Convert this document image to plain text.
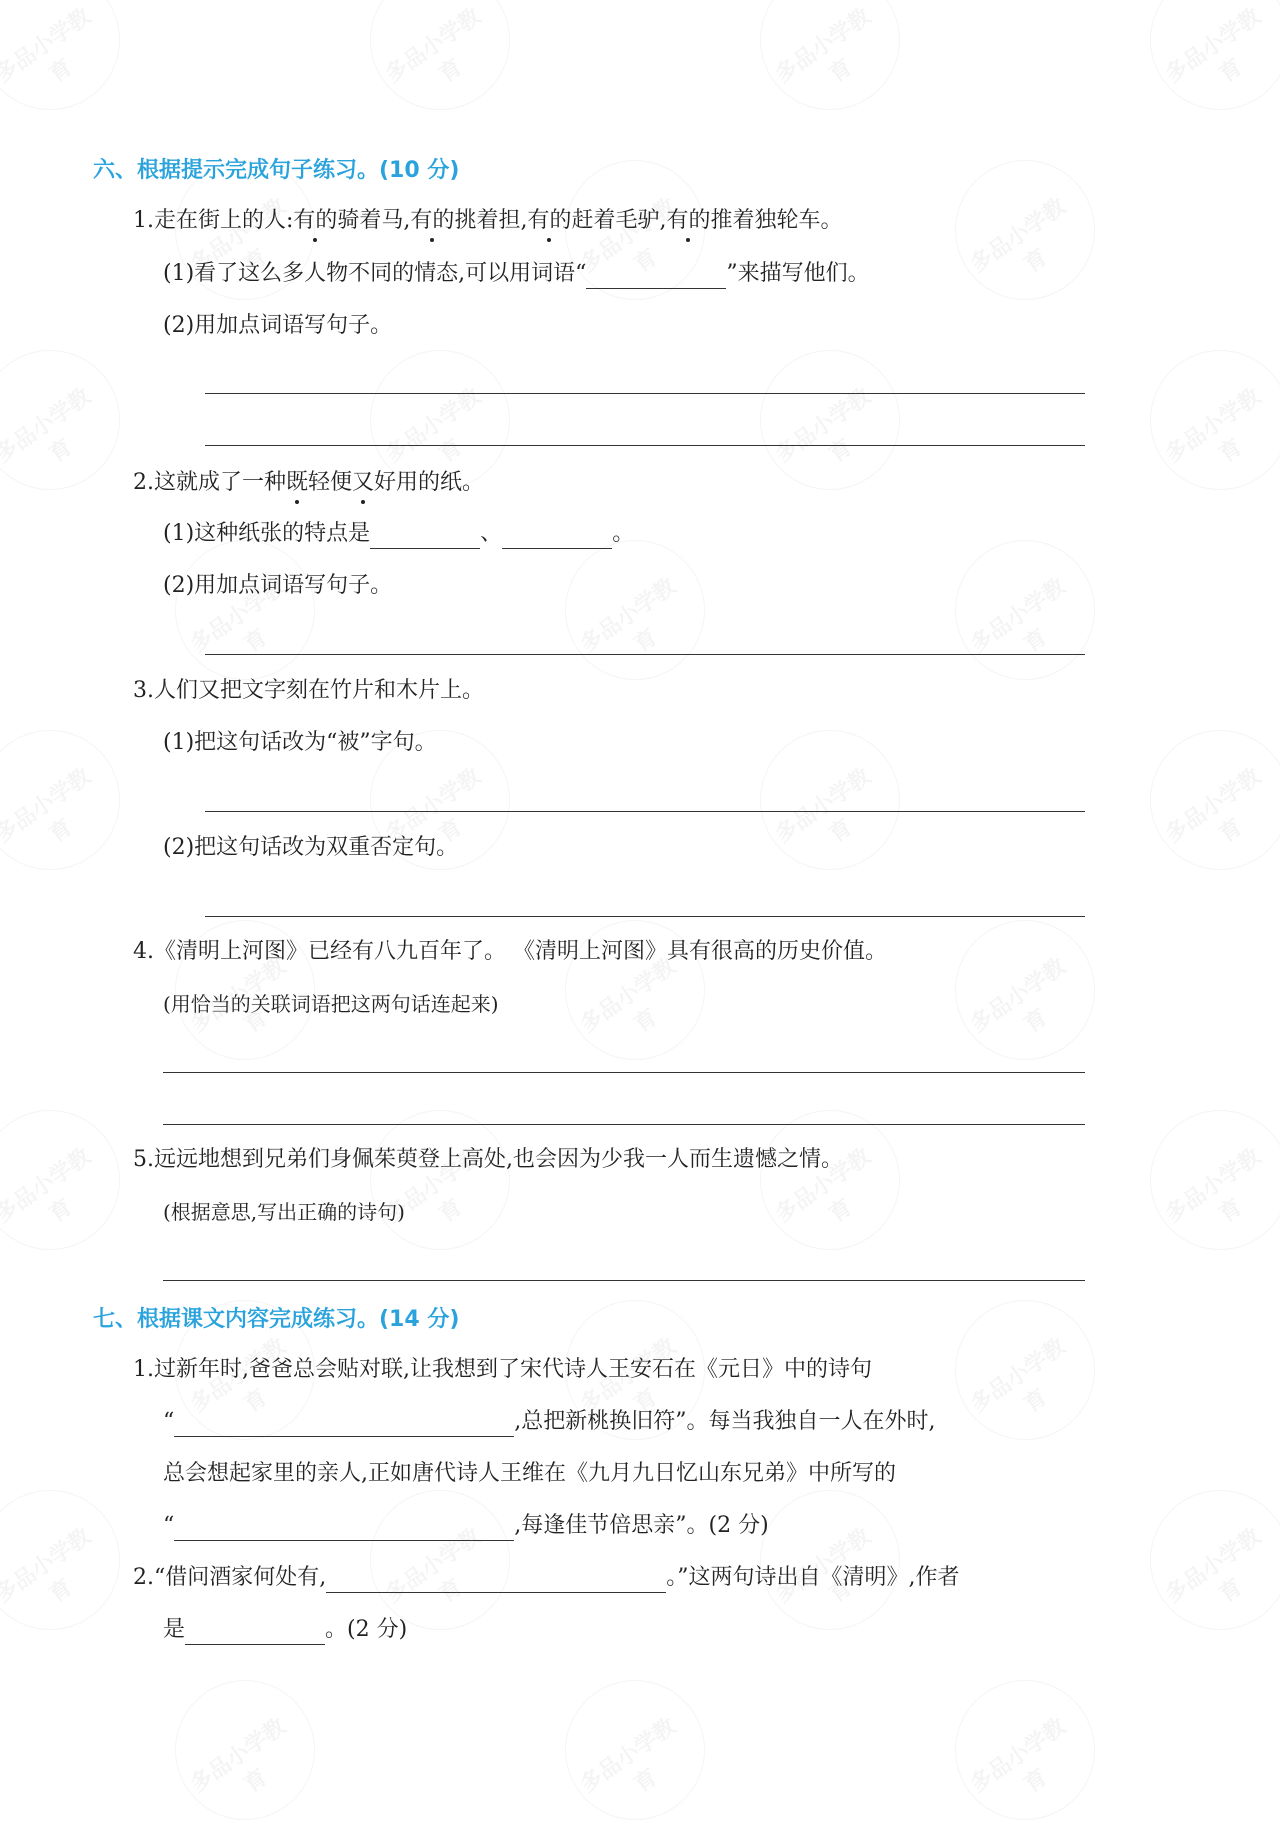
六、根据提示完成句子练习。(10 分)
1.走在街上的人:有的骑着马,有的挑着担,有的赶着毛驴,有的推着独轮车。
(1)看了这么多人物不同的情态,可以用词语“	”来描写他们。
(2)用加点词语写句子。
2.这就成了一种既轻便又好用的纸。
(1)这种纸张的特点是	、	。
(2)用加点词语写句子。
3.人们又把文字刻在竹片和木片上。
(1)把这句话改为“被”字句。
(2)把这句话改为双重否定句。
4.《清明上河图》已经有八九百年了。 《清明上河图》具有很高的历史价值。
(用恰当的关联词语把这两句话连起来)
5.远远地想到兄弟们身佩茱萸登上高处,也会因为少我一人而生遗憾之情。
(根据意思,写出正确的诗句)
七、根据课文内容完成练习。(14 分)
1.过新年时,爸爸总会贴对联,让我想到了宋代诗人王安石在《元日》中的诗句
“	,总把新桃换旧符”。每当我独自一人在外时,
总会想起家里的亲人,正如唐代诗人王维在《九月九日忆山东兄弟》中所写的
“	,每逢佳节倍思亲”。(2 分)
2.“借问酒家何处有,	。”这两句诗出自《清明》,作者
是	。(2 分)
